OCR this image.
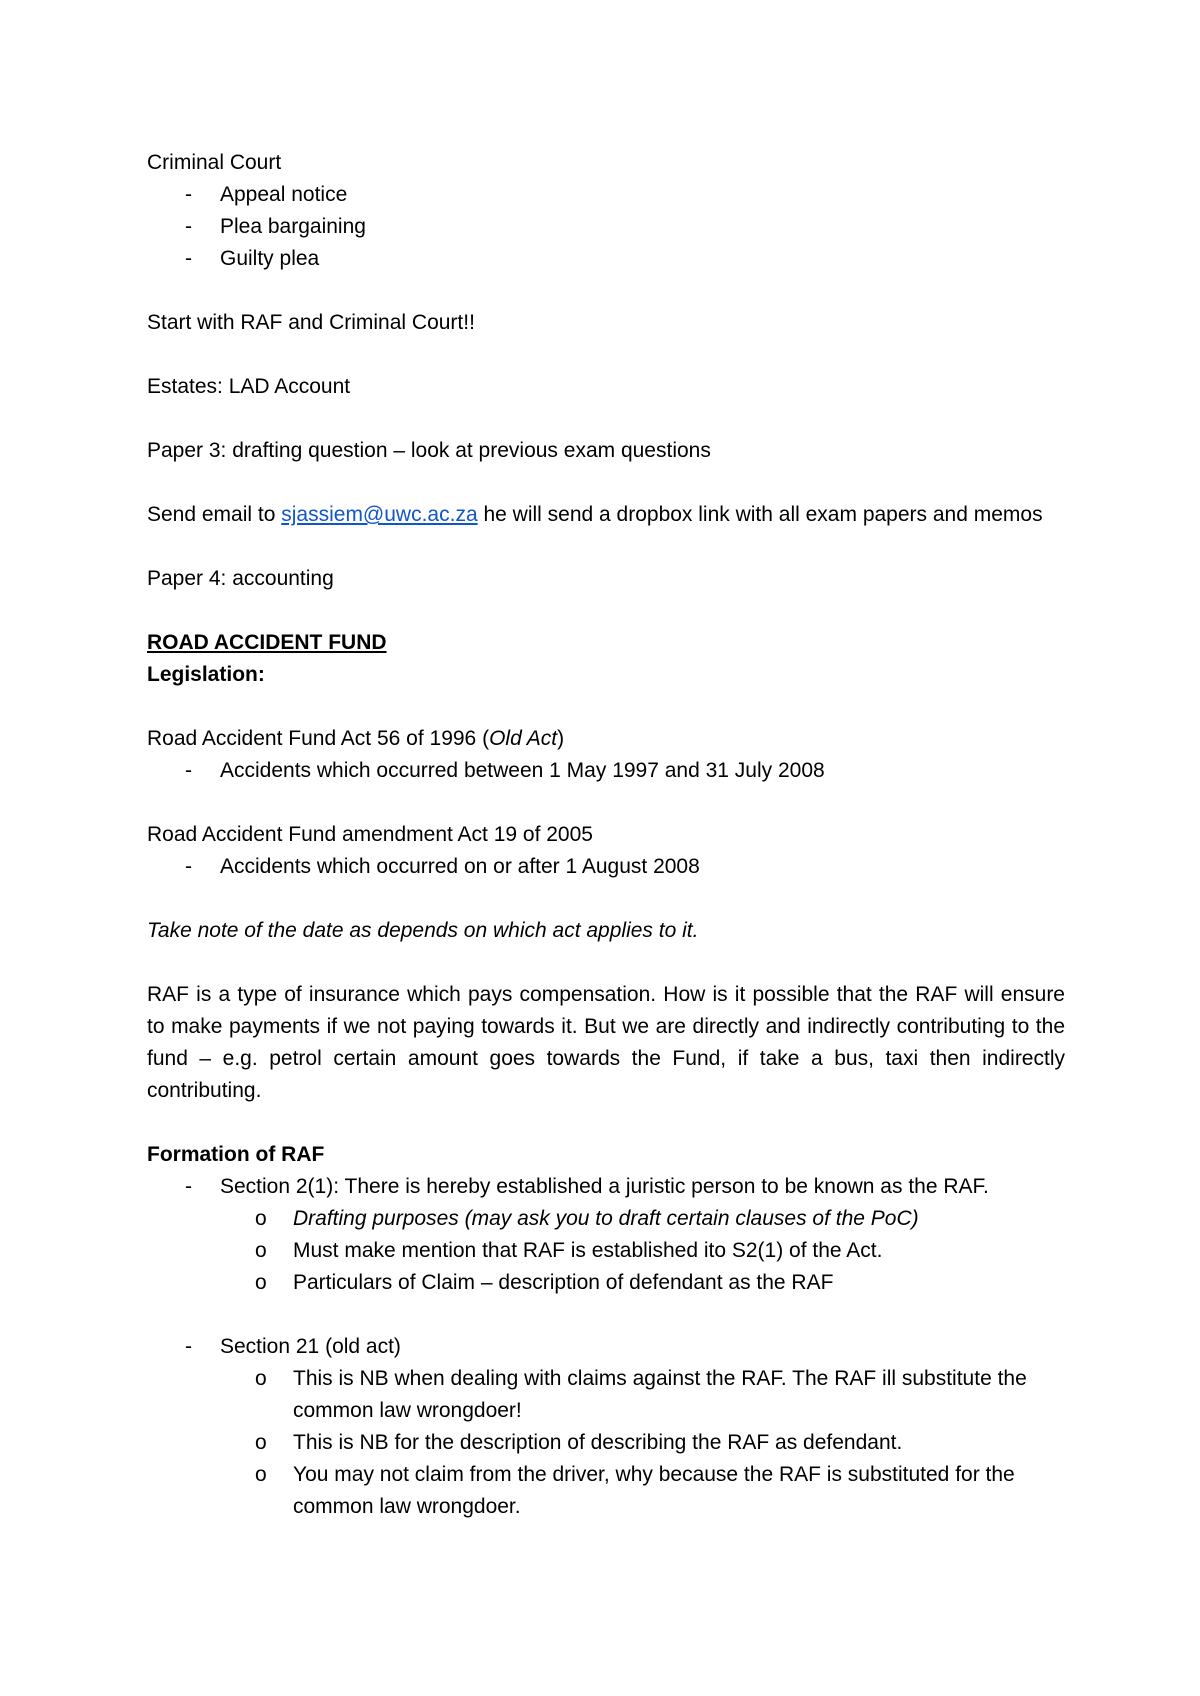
Criminal Court

- Appeal notice
- Plea bargaining
- Guilty plea

Start with RAF and Criminal Court!!

Estates: LAD Account

Paper 3: drafting question – look at previous exam questions

Send email to sjassiem@uwc.ac.za he will send a dropbox link with all exam papers and memos

Paper 4: accounting

ROAD ACCIDENT FUND

Legislation:

Road Accident Fund Act 56 of 1996 (Old Act)

- Accidents which occurred between 1 May 1997 and 31 July 2008

Road Accident Fund amendment Act 19 of 2005

- Accidents which occurred on or after 1 August 2008

Take note of the date as depends on which act applies to it.

RAF is a type of insurance which pays compensation. How is it possible that the RAF will ensure to make payments if we not paying towards it. But we are directly and indirectly contributing to the fund – e.g. petrol certain amount goes towards the Fund, if take a bus, taxi then indirectly contributing.

Formation of RAF

- Section 2(1): There is hereby established a juristic person to be known as the RAF.
o Drafting purposes (may ask you to draft certain clauses of the PoC)
o Must make mention that RAF is established ito S2(1) of the Act.
o Particulars of Claim – description of defendant as the RAF
- Section 21 (old act)
o This is NB when dealing with claims against the RAF. The RAF ill substitute the common law wrongdoer!
o This is NB for the description of describing the RAF as defendant.
o You may not claim from the driver, why because the RAF is substituted for the common law wrongdoer.
